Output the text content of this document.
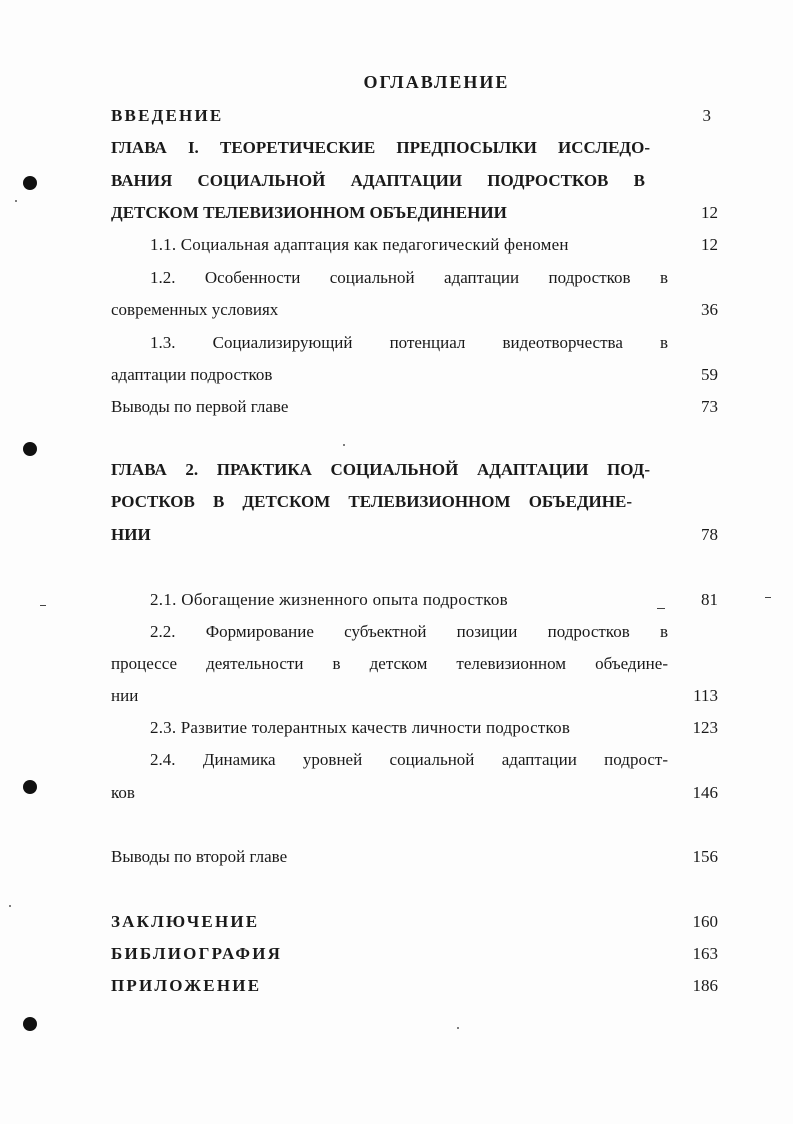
ОГЛАВЛЕНИЕ
ВВЕДЕНИЕ	3
ГЛАВА I. ТЕОРЕТИЧЕСКИЕ ПРЕДПОСЫЛКИ ИССЛЕДО-
ВАНИЯ СОЦИАЛЬНОЙ АДАПТАЦИИ ПОДРОСТКОВ В
ДЕТСКОМ ТЕЛЕВИЗИОННОМ ОБЪЕДИНЕНИИ	12
1.1. Социальная адаптация как педагогический феномен	12
1.2. Особенности социальной адаптации подростков в
современных условиях	36
1.3. Социализирующий потенциал видеотворчества в
адаптации подростков	59
Выводы по первой главе	73
ГЛАВА 2. ПРАКТИКА СОЦИАЛЬНОЙ АДАПТАЦИИ ПОД-
РОСТКОВ В ДЕТСКОМ ТЕЛЕВИЗИОННОМ ОБЪЕДИНЕ-
НИИ	78
2.1. Обогащение жизненного опыта подростков	81
2.2. Формирование субъектной позиции подростков в
процессе деятельности в детском телевизионном объедине-
нии	113
2.3. Развитие толерантных качеств личности подростков	123
2.4. Динамика уровней социальной адаптации подрост-
ков	146
Выводы по второй главе	156
ЗАКЛЮЧЕНИЕ	160
БИБЛИОГРАФИЯ	163
ПРИЛОЖЕНИЕ	186
